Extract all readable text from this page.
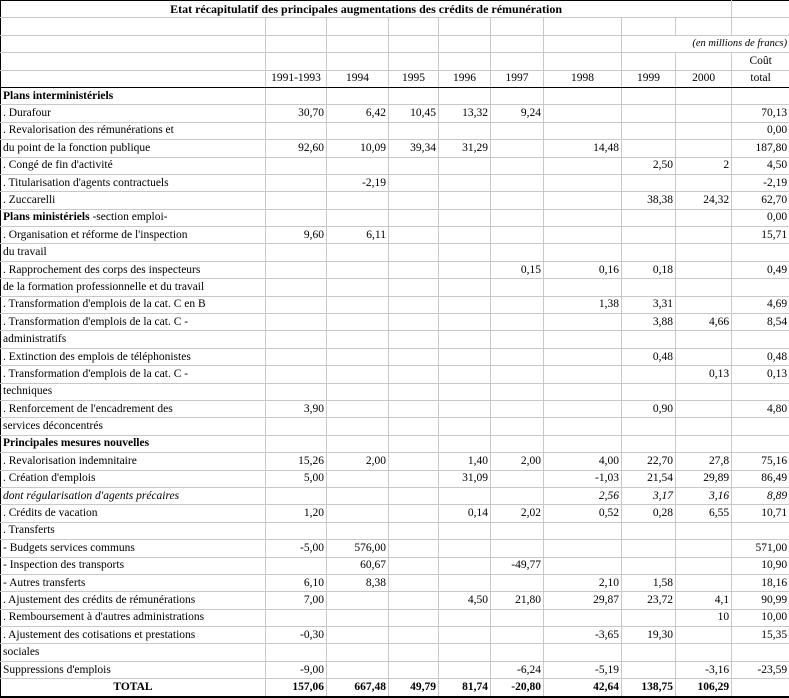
Etat récapitulatif des principales augmentations des crédits de rémunération									

							(en millions de francs)		
									Coût
	1991-1993	1994	1995	1996	1997	1998	1999	2000	total
Plans interministériels									
. Durafour	30,70	6,42	10,45	13,32	9,24				70,13
. Revalorisation des rémunérations et									0,00
du point de la fonction publique	92,60	10,09	39,34	31,29		14,48			187,80
. Congé de fin d'activité							2,50	2	4,50
. Titularisation d'agents contractuels		-2,19							-2,19
. Zuccarelli							38,38	24,32	62,70
Plans ministériels -section emploi-									0,00
. Organisation et réforme de l'inspection	9,60	6,11							15,71
du travail									
. Rapprochement des corps des inspecteurs					0,15	0,16	0,18		0,49
de la formation professionnelle et du travail									
. Transformation d'emplois de la cat. C en B						1,38	3,31		4,69
. Transformation d'emplois de la cat. C -							3,88	4,66	8,54
administratifs									
. Extinction des emplois de téléphonistes							0,48		0,48
. Transformation d'emplois de la cat. C -								0,13	0,13
techniques									
. Renforcement de l'encadrement des	3,90						0,90		4,80
services déconcentrés									
Principales mesures nouvelles									
. Revalorisation indemnitaire	15,26	2,00		1,40	2,00	4,00	22,70	27,8	75,16
. Création d'emplois	5,00			31,09		-1,03	21,54	29,89	86,49
dont régularisation d'agents précaires						2,56	3,17	3,16	8,89
. Crédits de vacation	1,20			0,14	2,02	0,52	0,28	6,55	10,71
. Transferts									
- Budgets services communs	-5,00	576,00							571,00
- Inspection des transports		60,67			-49,77				10,90
- Autres transferts	6,10	8,38				2,10	1,58		18,16
. Ajustement des crédits de rémunérations	7,00			4,50	21,80	29,87	23,72	4,1	90,99
. Remboursement à d'autres administrations								10	10,00
. Ajustement des cotisations et prestations	-0,30					-3,65	19,30		15,35
sociales									
Suppressions d'emplois	-9,00				-6,24	-5,19		-3,16	-23,59
TOTAL	157,06	667,48	49,79	81,74	-20,80	42,64	138,75	106,29	
